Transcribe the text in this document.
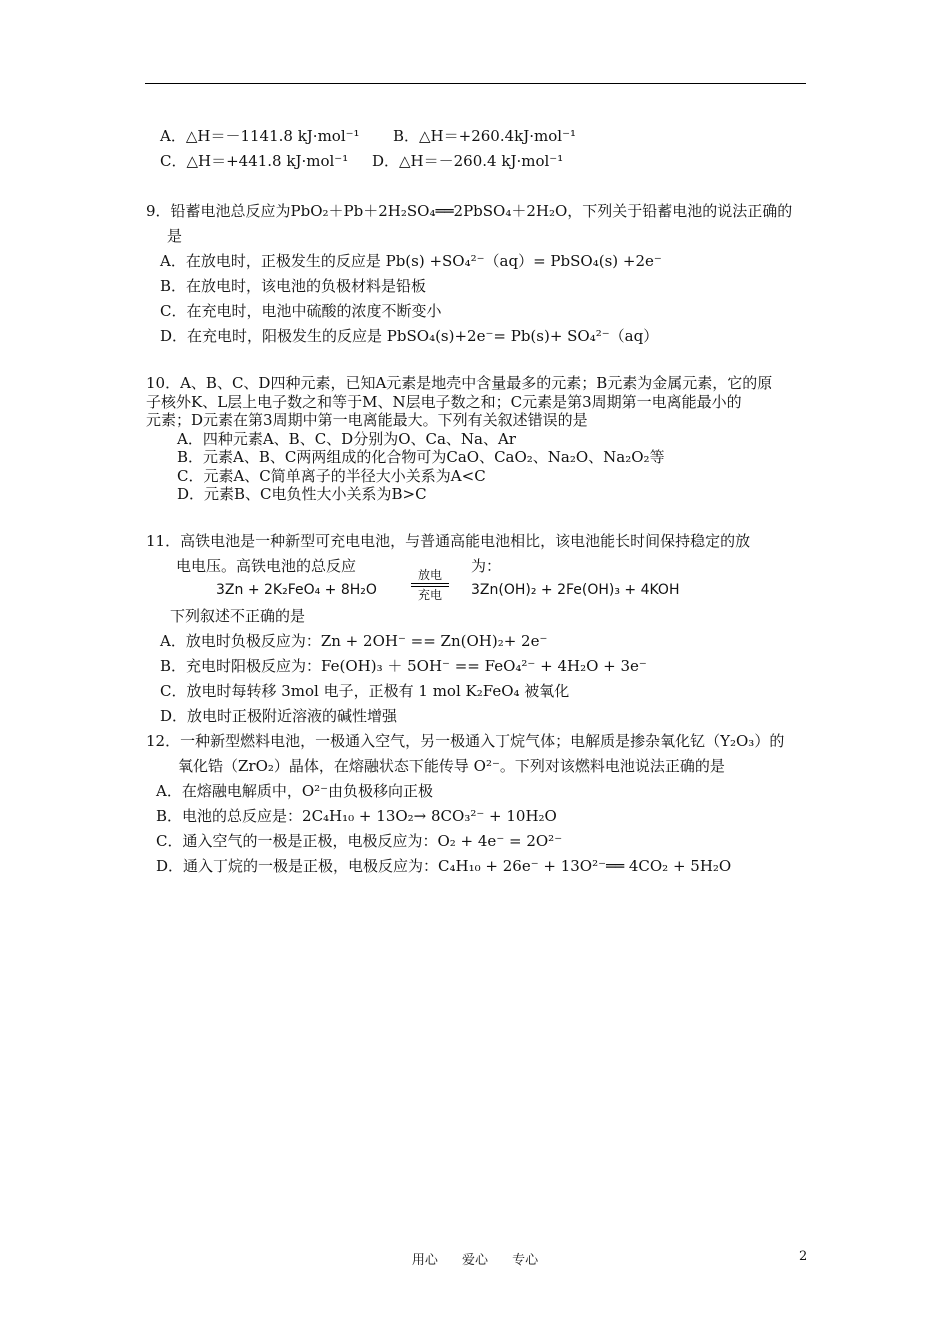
A．△H＝－1141.8 kJ·mol⁻¹ B．△H＝+260.4kJ·mol⁻¹
C．△H＝+441.8 kJ·mol⁻¹ D．△H＝－260.4 kJ·mol⁻¹
9．铅蓄电池总反应为PbO₂＋Pb＋2H₂SO₄══2PbSO₄＋2H₂O，下列关于铅蓄电池的说法正确的
是
A．在放电时，正极发生的反应是 Pb(s) +SO₄²⁻（aq）= PbSO₄(s) +2e⁻
B．在放电时，该电池的负极材料是铅板
C．在充电时，电池中硫酸的浓度不断变小
D．在充电时，阳极发生的反应是 PbSO₄(s)+2e⁻= Pb(s)+ SO₄²⁻（aq）
10．A、B、C、D四种元素，已知A元素是地壳中含量最多的元素；B元素为金属元素，它的原
子核外K、L层上电子数之和等于M、N层电子数之和；C元素是第3周期第一电离能最小的
元素；D元素在第3周期中第一电离能最大。下列有关叙述错误的是
A．四种元素A、B、C、D分别为O、Ca、Na、Ar
B．元素A、B、C两两组成的化合物可为CaO、CaO₂、Na₂O、Na₂O₂等
C．元素A、C简单离子的半径大小关系为A<C
D．元素B、C电负性大小关系为B>C
11．高铁电池是一种新型可充电电池，与普通高能电池相比，该电池能长时间保持稳定的放
电电压。高铁电池的总反应	为：
3Zn + 2K₂FeO₄ + 8H₂O
放电
充电	3Zn(OH)₂ + 2Fe(OH)₃ + 4KOH
下列叙述不正确的是
A．放电时负极反应为：Zn + 2OH⁻ == Zn(OH)₂+ 2e⁻
B．充电时阳极反应为：Fe(OH)₃ ＋ 5OH⁻ == FeO₄²⁻ + 4H₂O + 3e⁻
C．放电时每转移 3mol 电子，正极有 1 mol K₂FeO₄ 被氧化
D．放电时正极附近溶液的碱性增强
12．一种新型燃料电池，一极通入空气，另一极通入丁烷气体；电解质是掺杂氧化钇（Y₂O₃）的
氧化锆（ZrO₂）晶体，在熔融状态下能传导 O²⁻。下列对该燃料电池说法正确的是
A．在熔融电解质中，O²⁻由负极移向正极
B．电池的总反应是：2C₄H₁₀ + 13O₂→ 8CO₃²⁻ + 10H₂O
C．通入空气的一极是正极，电极反应为：O₂ + 4e⁻ = 2O²⁻
D．通入丁烷的一极是正极，电极反应为：C₄H₁₀ + 26e⁻ + 13O²⁻══ 4CO₂ + 5H₂O
用心 爱心 专心	2
